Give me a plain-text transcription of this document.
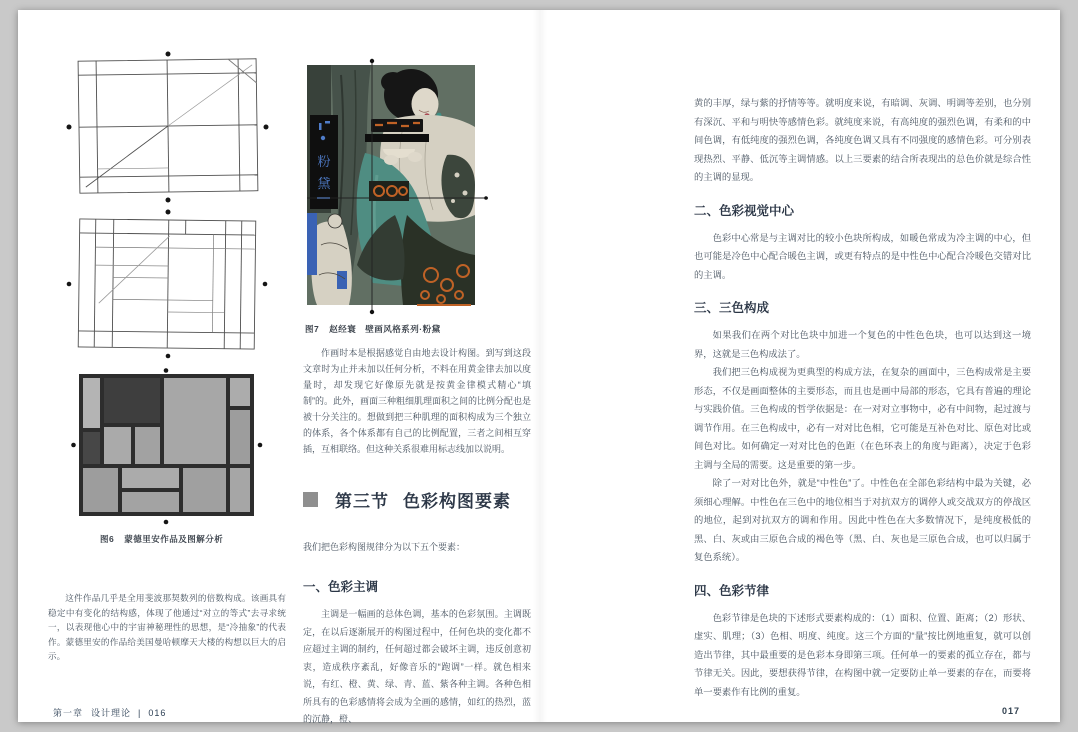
图6 蒙德里安作品及图解分析
这件作品几乎是全用斐波那契数列的倍数构成。该画具有稳定中有变化的结构感，体现了他通过“对立的等式”去寻求统一，以表现他心中的宇宙神秘理性的思想，是“冷抽象”的代表作。蒙德里安的作品给美国曼哈顿摩天大楼的构想以巨大的启示。
粉
黛
图7 赵经寰　壁画风格系列·粉黛
作画时本是根据感觉自由地去设计构图。到写到这段文章时为止并未加以任何分析，不料在用黄金律去加以度量时，却发现它好像原先就是按黄金律模式精心“填制”的。此外，画面三种粗细肌理面积之间的比例分配也是被十分关注的。想做到把三种肌理的面积构成为三个独立的体系，各个体系都有自己的比例配置，三者之间相互穿插，互相联络。但这种关系很难用标志线加以说明。
第三节 色彩构图要素
我们把色彩构图规律分为以下五个要素：
一、色彩主调
主调是一幅画的总体色调，基本的色彩氛围。主调既定，在以后逐渐展开的构图过程中，任何色块的变化都不应超过主调的制约，任何超过都会破坏主调，违反创意初衷，造成秩序紊乱，好像音乐的“跑调”一样。就色相来说，有红、橙、黄、绿、青、蓝、紫各种主调。各种色相所具有的色彩感情将会成为全画的感情，如红的热烈，蓝的沉静，橙、

黄的丰厚，绿与紫的抒情等等。就明度来说，有暗调、灰调、明调等差别，也分别有深沉、平和与明快等感情色彩。就纯度来说，有高纯度的强烈色调，有柔和的中间色调，有低纯度的强烈色调，各纯度色调又具有不同强度的感情色彩。可分别表现热烈、平静、低沉等主调情感。以上三要素的结合所表现出的总色价就是综合性的主调的显现。

二、色彩视觉中心

色彩中心常是与主调对比的较小色块所构成，如暖色常成为冷主调的中心，但也可能是冷色中心配合暖色主调，或更有特点的是中性色中心配合冷暖色交错对比的主调。

三、三色构成

如果我们在两个对比色块中加进一个复色的中性色色块，也可以达到这一境界，这就是三色构成法了。

我们把三色构成视为更典型的构成方法，在复杂的画面中，三色构成常是主要形态，不仅是画面整体的主要形态，而且也是画中局部的形态，它具有普遍的理论与实践价值。三色构成的哲学依据是：在一对对立事物中，必有中间物，起过渡与调节作用。在三色构成中，必有一对对比色相，它可能是互补色对比、原色对比或间色对比。如何确定一对对比色的色距（在色环表上的角度与距离），决定于色彩主调与全局的需要。这是重要的第一步。

除了一对对比色外，就是“中性色”了。中性色在全部色彩结构中最为关键，必须细心理解。中性色在三色中的地位相当于对抗双方的调停人或交战双方的停战区的地位，起到对抗双方的调和作用。因此中性色在大多数情况下，是纯度极低的黑、白、灰或由三原色合成的褐色等（黑、白、灰也是三原色合成，也可以归属于复色系统）。

四、色彩节律

色彩节律是色块的下述形式要素构成的：（1）面积、位置、距离；（2）形状、虚实、肌理；（3）色相、明度、纯度。这三个方面的“量”按比例地重复，就可以创造出节律，其中最重要的是色彩本身即第三项。任何单一的要素的孤立存在，都与节律无关。因此，要想获得节律，在构图中就一定要防止单一要素的存在，而要将单一要素作有比例的重复。

第一章 设计理论 | 016	017
